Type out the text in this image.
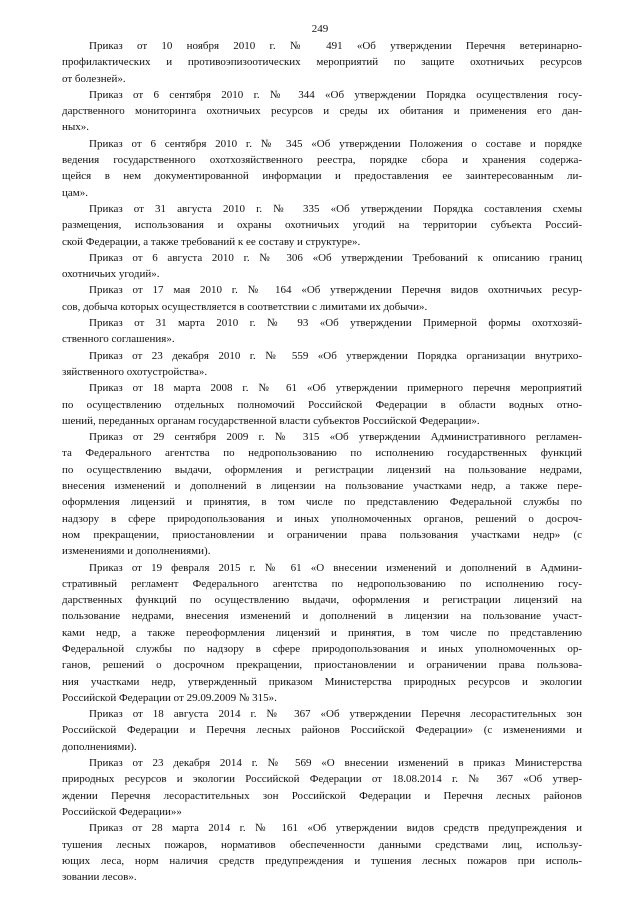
249
Приказ от 10 ноября 2010 г. № 491 «Об утверждении Перечня ветеринарно-
профилактических и противоэпизоотических мероприятий по защите охотничьих ресурсов
от болезней».
Приказ от 6 сентября 2010 г. № 344 «Об утверждении Порядка осуществления госу-
дарственного мониторинга охотничьих ресурсов и среды их обитания и применения его дан-
ных».
Приказ от 6 сентября 2010 г. № 345 «Об утверждении Положения о составе и порядке
ведения государственного охотхозяйственного реестра, порядке сбора и хранения содержа-
щейся в нем документированной информации и предоставления ее заинтересованным ли-
цам».
Приказ от 31 августа 2010 г. № 335 «Об утверждении Порядка составления схемы
размещения, использования и охраны охотничьих угодий на территории субъекта Россий-
ской Федерации, а также требований к ее составу и структуре».
Приказ от 6 августа 2010 г. № 306 «Об утверждении Требований к описанию границ
охотничьих угодий».
Приказ от 17 мая 2010 г. № 164 «Об утверждении Перечня видов охотничьих ресур-
сов, добыча которых осуществляется в соответствии с лимитами их добычи».
Приказ от 31 марта 2010 г. № 93 «Об утверждении Примерной формы охотхозяй-
ственного соглашения».
Приказ от 23 декабря 2010 г. № 559 «Об утверждении Порядка организации внутрихо-
зяйственного охотустройства».
Приказ от 18 марта 2008 г. № 61 «Об утверждении примерного перечня мероприятий
по осуществлению отдельных полномочий Российской Федерации в области водных отно-
шений, переданных органам государственной власти субъектов Российской Федерации».
Приказ от 29 сентября 2009 г. № 315 «Об утверждении Административного регламен-
та Федерального агентства по недропользованию по исполнению государственных функций
по осуществлению выдачи, оформления и регистрации лицензий на пользование недрами,
внесения изменений и дополнений в лицензии на пользование участками недр, а также пере-
оформления лицензий и принятия, в том числе по представлению Федеральной службы по
надзору в сфере природопользования и иных уполномоченных органов, решений о досроч-
ном прекращении, приостановлении и ограничении права пользования участками недр» (с
изменениями и дополнениями).
Приказ от 19 февраля 2015 г. № 61 «О внесении изменений и дополнений в Админи-
стративный регламент Федерального агентства по недропользованию по исполнению госу-
дарственных функций по осуществлению выдачи, оформления и регистрации лицензий на
пользование недрами, внесения изменений и дополнений в лицензии на пользование участ-
ками недр, а также переоформления лицензий и принятия, в том числе по представлению
Федеральной службы по надзору в сфере природопользования и иных уполномоченных ор-
ганов, решений о досрочном прекращении, приостановлении и ограничении права пользова-
ния участками недр, утвержденный приказом Министерства природных ресурсов и экологии
Российской Федерации от 29.09.2009 № 315».
Приказ от 18 августа 2014 г. № 367 «Об утверждении Перечня лесорастительных зон
Российской Федерации и Перечня лесных районов Российской Федерации» (с изменениями и
дополнениями).
Приказ от 23 декабря 2014 г. № 569 «О внесении изменений в приказ Министерства
природных ресурсов и экологии Российской Федерации от 18.08.2014 г. № 367 «Об утвер-
ждении Перечня лесорастительных зон Российской Федерации и Перечня лесных районов
Российской Федерации»»
Приказ от 28 марта 2014 г. № 161 «Об утверждении видов средств предупреждения и
тушения лесных пожаров, нормативов обеспеченности данными средствами лиц, использу-
ющих леса, норм наличия средств предупреждения и тушения лесных пожаров при исполь-
зовании лесов».
